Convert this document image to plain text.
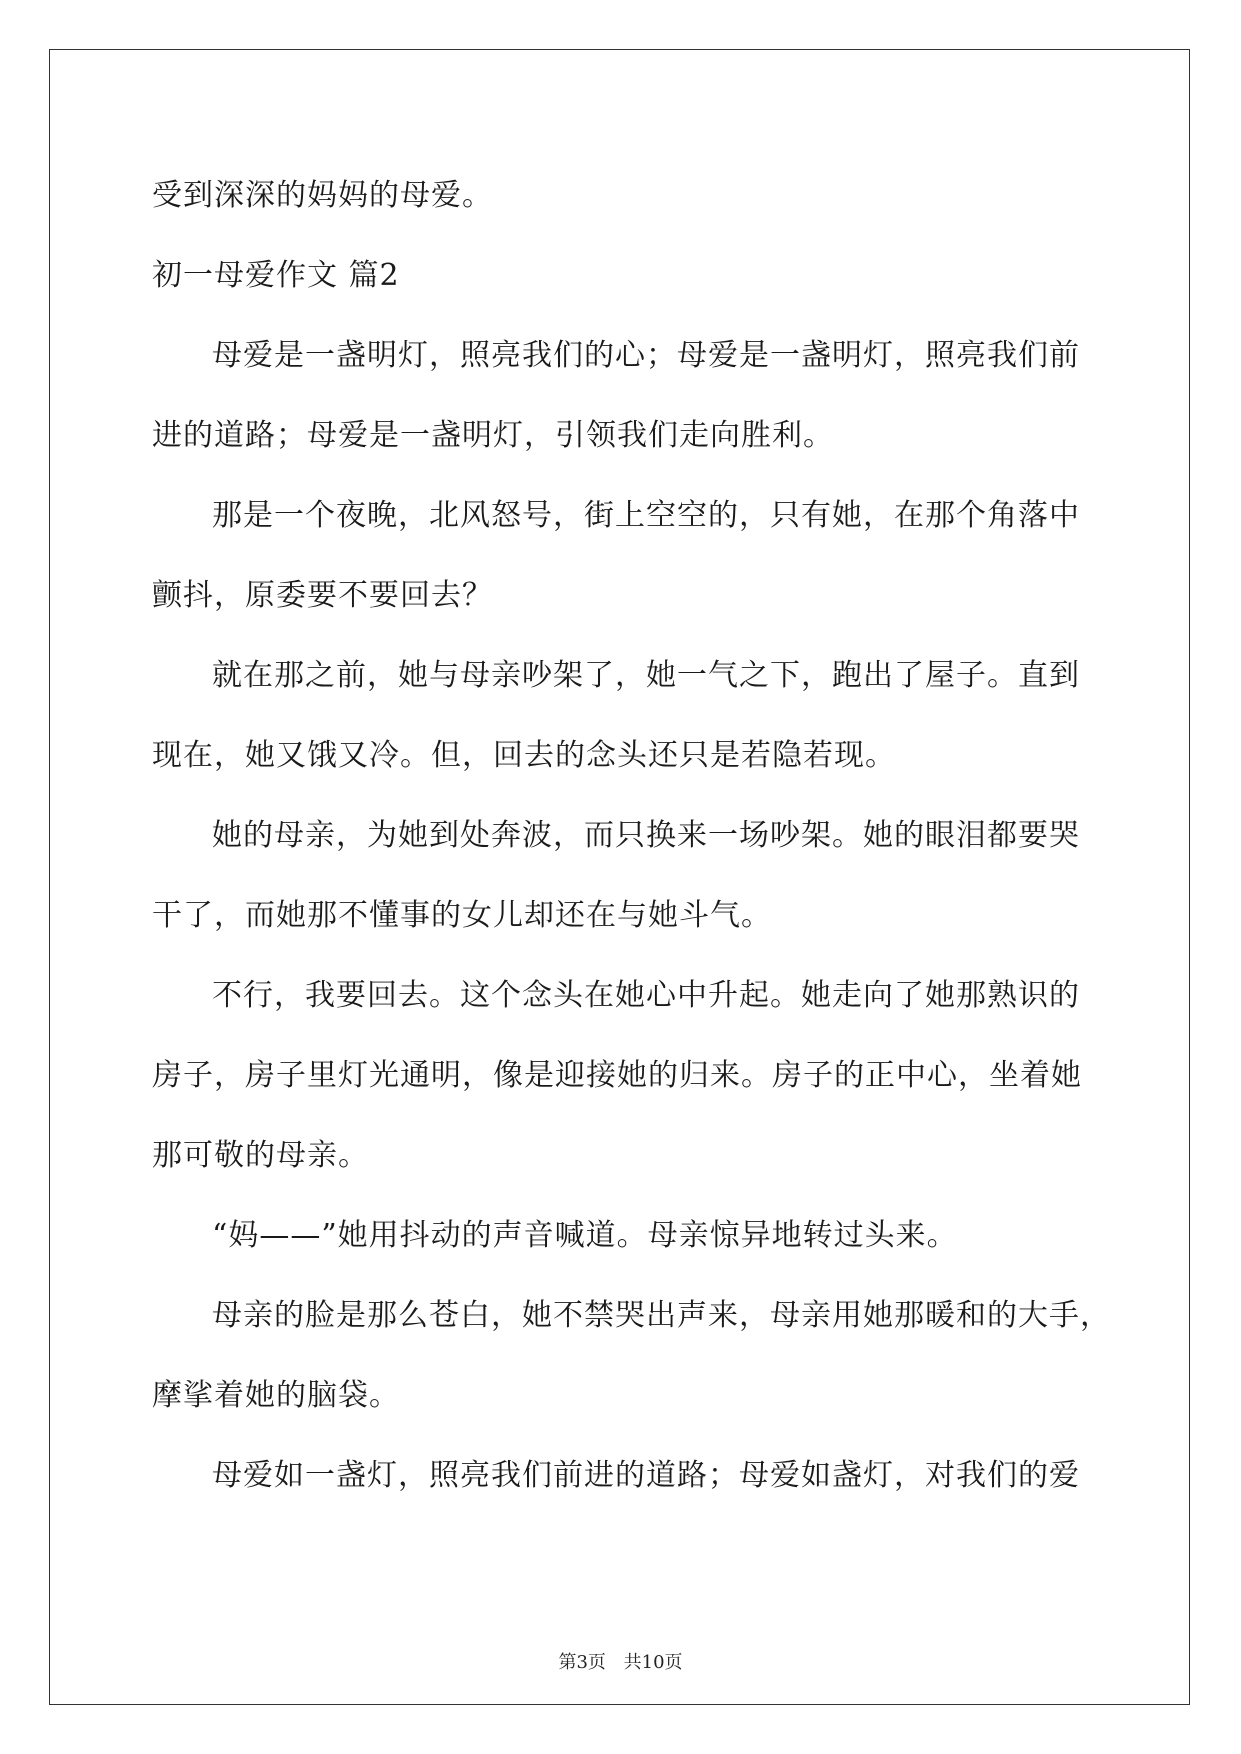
受到深深的妈妈的母爱。
初一母爱作文 篇2
母爱是一盏明灯，照亮我们的心；母爱是一盏明灯，照亮我们前
进的道路；母爱是一盏明灯，引领我们走向胜利。
那是一个夜晚，北风怒号，街上空空的，只有她，在那个角落中
颤抖，原委要不要回去？
就在那之前，她与母亲吵架了，她一气之下，跑出了屋子。直到
现在，她又饿又冷。但，回去的念头还只是若隐若现。
她的母亲，为她到处奔波，而只换来一场吵架。她的眼泪都要哭
干了，而她那不懂事的女儿却还在与她斗气。
不行，我要回去。这个念头在她心中升起。她走向了她那熟识的
房子，房子里灯光通明，像是迎接她的归来。房子的正中心，坐着她
那可敬的母亲。
“妈——”她用抖动的声音喊道。母亲惊异地转过头来。
母亲的脸是那么苍白，她不禁哭出声来，母亲用她那暖和的大手，
摩挲着她的脑袋。
母爱如一盏灯，照亮我们前进的道路；母爱如盏灯，对我们的爱
第3页 共10页
